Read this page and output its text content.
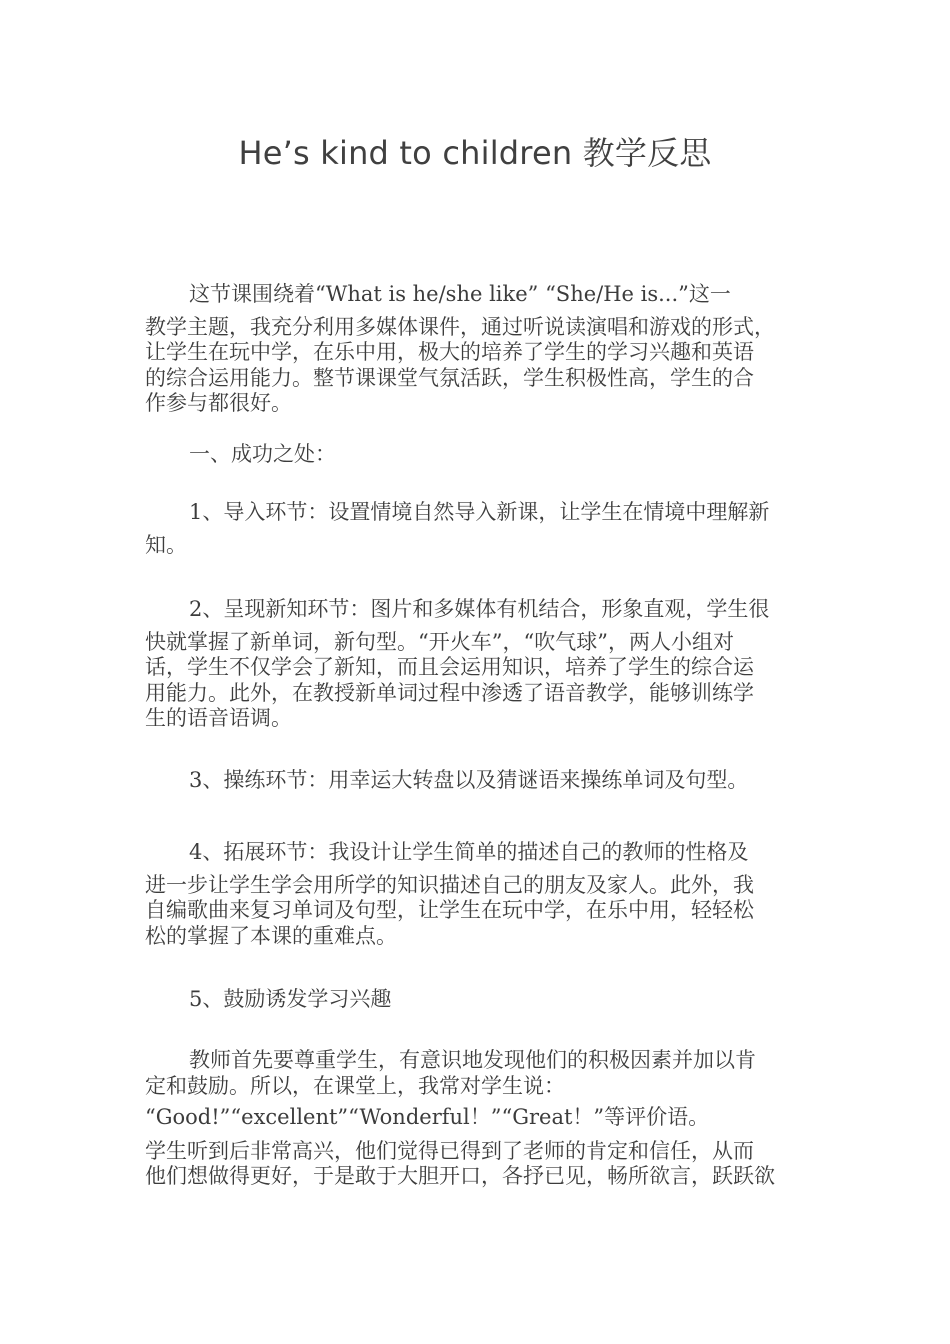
He’s kind to children 教学反思
这节课围绕着“What is he/she like” “She/He is...”这一
教学主题，我充分利用多媒体课件，通过听说读演唱和游戏的形式，
让学生在玩中学，在乐中用，极大的培养了学生的学习兴趣和英语
的综合运用能力。整节课课堂气氛活跃，学生积极性高，学生的合
作参与都很好。
一、成功之处：
1、导入环节：设置情境自然导入新课，让学生在情境中理解新
知。
2、呈现新知环节：图片和多媒体有机结合，形象直观，学生很
快就掌握了新单词，新句型。“开火车”，“吹气球”，两人小组对
话，学生不仅学会了新知，而且会运用知识，培养了学生的综合运
用能力。此外，在教授新单词过程中渗透了语音教学，能够训练学
生的语音语调。
3、操练环节：用幸运大转盘以及猜谜语来操练单词及句型。
4、拓展环节：我设计让学生简单的描述自己的教师的性格及
进一步让学生学会用所学的知识描述自己的朋友及家人。此外，我
自编歌曲来复习单词及句型，让学生在玩中学，在乐中用，轻轻松
松的掌握了本课的重难点。
5、鼓励诱发学习兴趣
教师首先要尊重学生，有意识地发现他们的积极因素并加以肯
定和鼓励。所以，在课堂上，我常对学生说：
“Good!”“excellent”“Wonderful！”“Great！”等评价语。
学生听到后非常高兴，他们觉得已得到了老师的肯定和信任，从而
他们想做得更好，于是敢于大胆开口，各抒已见，畅所欲言，跃跃欲
